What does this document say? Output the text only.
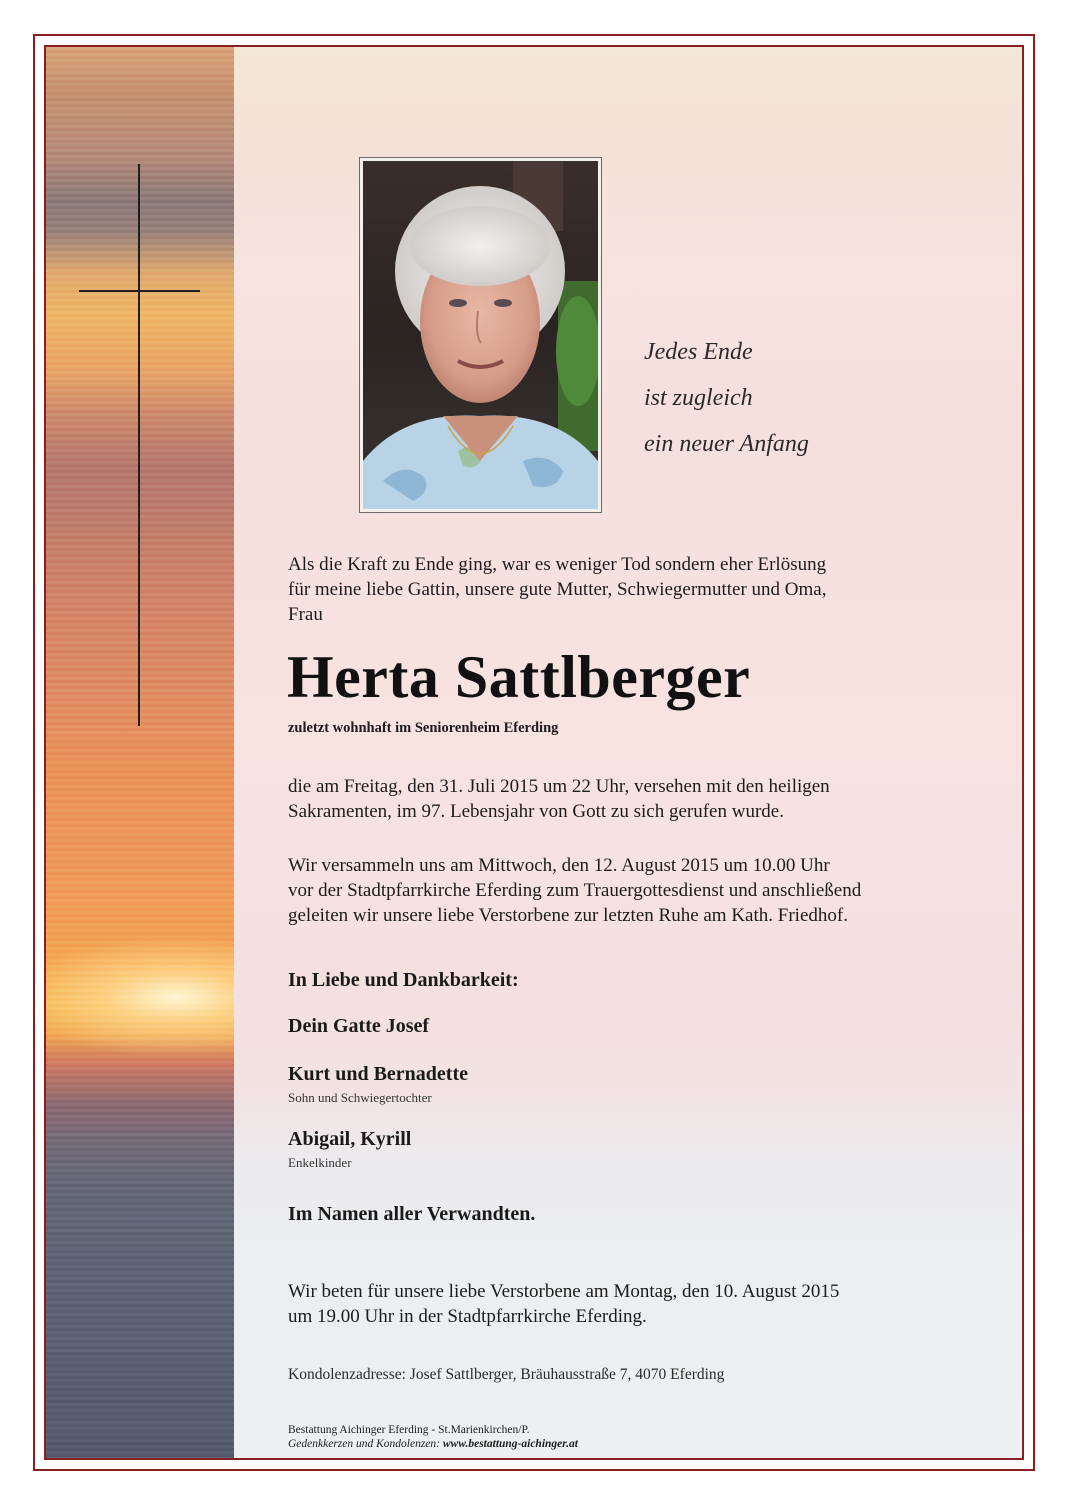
Jedes Ende
ist zugleich
ein neuer Anfang

Als die Kraft zu Ende ging, war es weniger Tod sondern eher Erlösung

für meine liebe Gattin, unsere gute Mutter, Schwiegermutter und Oma,

Frau

Herta Sattlberger
zuletzt wohnhaft im Seniorenheim Eferding

die am Freitag, den 31. Juli 2015 um 22 Uhr, versehen mit den heiligen

Sakramenten, im 97. Lebensjahr von Gott zu sich gerufen wurde.

Wir versammeln uns am Mittwoch, den 12. August 2015 um 10.00 Uhr

vor der Stadtpfarrkirche Eferding zum Trauergottesdienst und anschließend

geleiten wir unsere liebe Verstorbene zur letzten Ruhe am Kath. Friedhof.

In Liebe und Dankbarkeit:
Dein Gatte Josef
Kurt und Bernadette
Sohn und Schwiegertochter
Abigail, Kyrill
Enkelkinder
Im Namen aller Verwandten.

Wir beten für unsere liebe Verstorbene am Montag, den 10. August 2015

um 19.00 Uhr in der Stadtpfarrkirche Eferding.

Kondolenzadresse: Josef Sattlberger, Bräuhausstraße 7, 4070 Eferding
Bestattung Aichinger Eferding - St.Marienkirchen/P.
Gedenkkerzen und Kondolenzen: www.bestattung-aichinger.at
